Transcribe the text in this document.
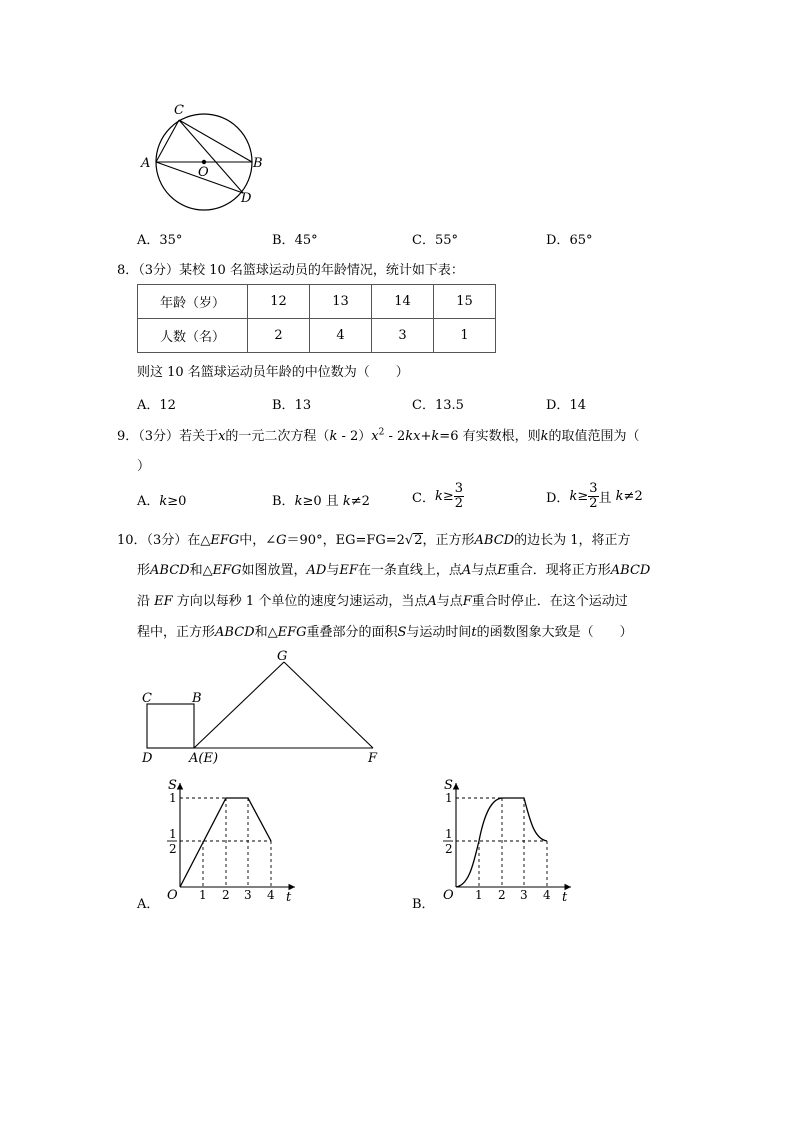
C
A
O
B
D
A．35°	B．45°	C．55°	D．65°
8．（3分）某校 10 名篮球运动员的年龄情况，统计如下表：
年龄（岁）	12	13	14	15
人数（名）	2	4	3	1
则这 10 名篮球运动员年龄的中位数为（　　）
A．12	B．13	C．13.5	D．14
9．（3分）若关于x的一元二次方程$(k - 2)x^2 - 2kx+k=6$ 有实数根，则k的取值范围为（
）
A．k≥0	B．k≥0 且 k≠2	C．$k\ge \frac{3}{2}$	D．$k\ge \frac{3}{2}$ 且 k≠2
10．（3分）在△EFG中，∠G＝90°，EG=FG=2√2，正方形ABCD的边长为 1，将正方
形ABCD和△EFG如图放置，AD与EF在一条直线上，点A与点E重合．现将正方形ABCD
沿 EF 方向以每秒 1 个单位的速度匀速运动，当点A与点F重合时停止．在这个运动过
程中，正方形ABCD和△EFG重叠部分的面积S与运动时间t的函数图象大致是（　　）
G
C	B
D	A(E)	F
A．
S
1
1
2
O 1 2 3 4 t	B．
S
1
1
2
O 1 2 3 4 t
